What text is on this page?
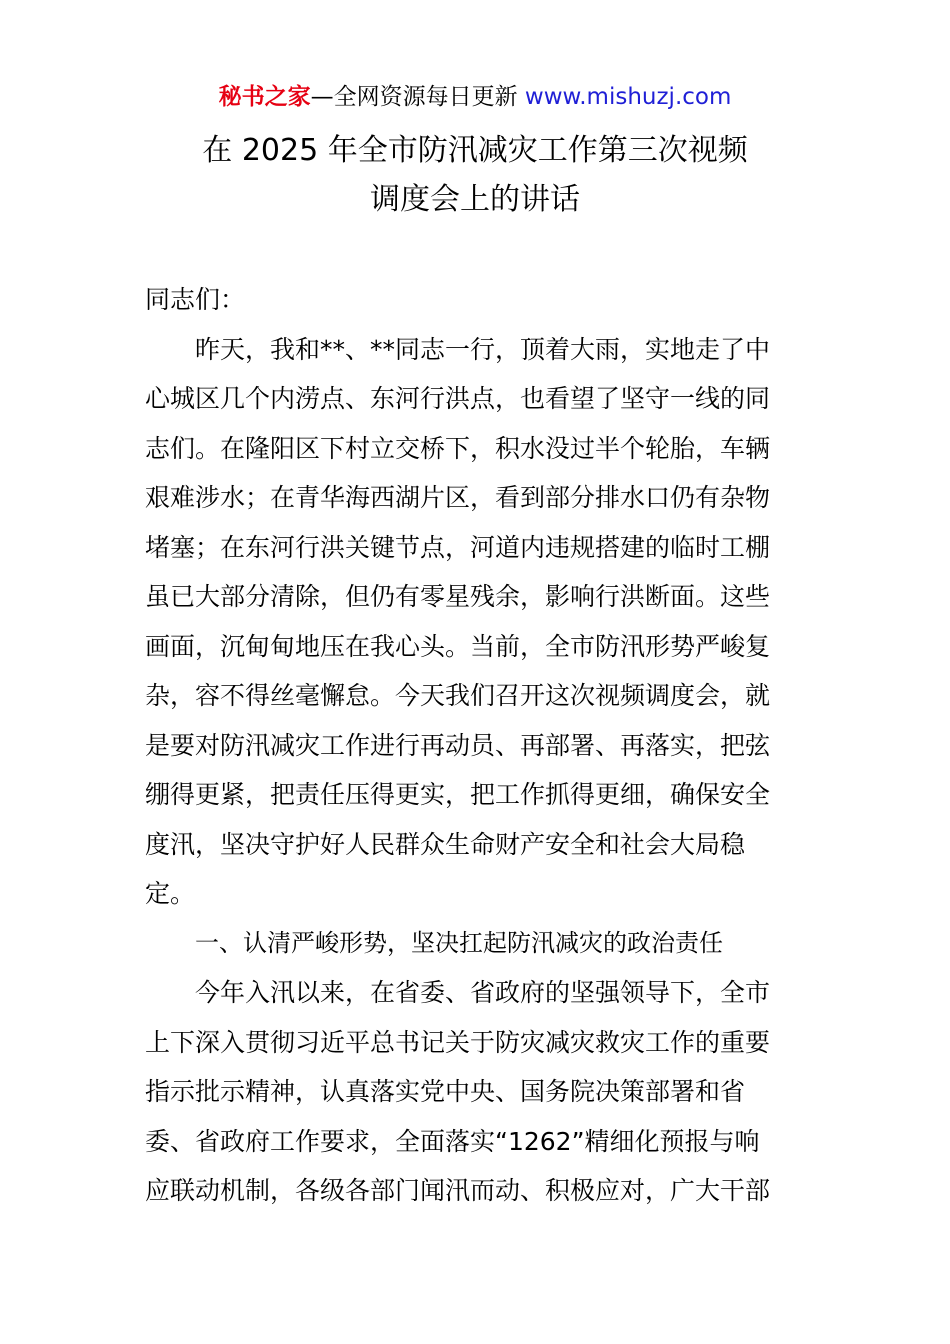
秘书之家—全网资源每日更新 www.mishuzj.com
在 2025 年全市防汛减灾工作第三次视频
调度会上的讲话
同志们：
昨天，我和**、**同志一行，顶着大雨，实地走了中
心城区几个内涝点、东河行洪点，也看望了坚守一线的同
志们。在隆阳区下村立交桥下，积水没过半个轮胎，车辆
艰难涉水；在青华海西湖片区，看到部分排水口仍有杂物
堵塞；在东河行洪关键节点，河道内违规搭建的临时工棚
虽已大部分清除，但仍有零星残余，影响行洪断面。这些
画面，沉甸甸地压在我心头。当前，全市防汛形势严峻复
杂，容不得丝毫懈怠。今天我们召开这次视频调度会，就
是要对防汛减灾工作进行再动员、再部署、再落实，把弦
绷得更紧，把责任压得更实，把工作抓得更细，确保安全
度汛，坚决守护好人民群众生命财产安全和社会大局稳
定。
一、认清严峻形势，坚决扛起防汛减灾的政治责任
今年入汛以来，在省委、省政府的坚强领导下，全市
上下深入贯彻习近平总书记关于防灾减灾救灾工作的重要
指示批示精神，认真落实党中央、国务院决策部署和省
委、省政府工作要求，全面落实“1262”精细化预报与响
应联动机制，各级各部门闻汛而动、积极应对，广大干部
